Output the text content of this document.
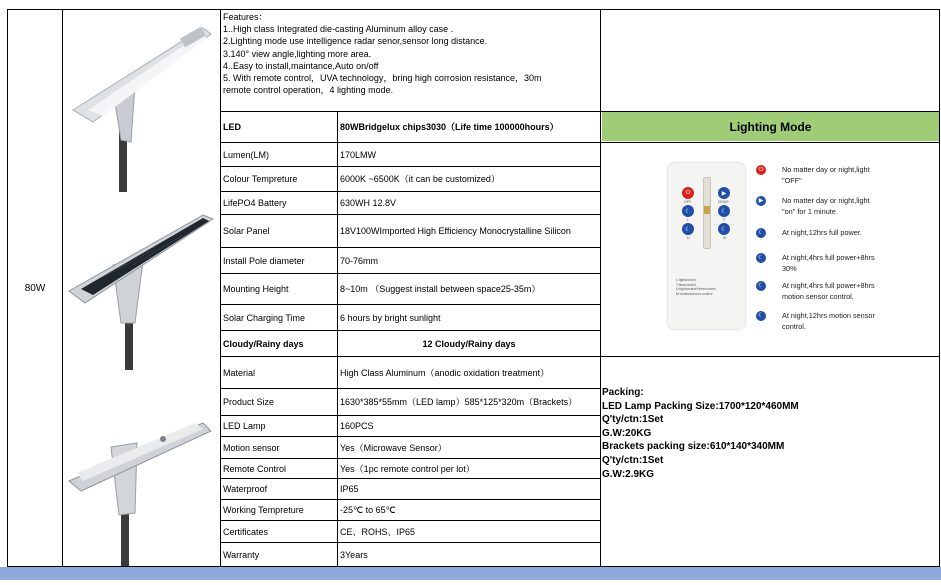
80W
Features：
1..High class Integrated die-casting Aluminum alloy case .
2.Lighting mode use intelligence radar senor,sensor long distance.
3.140° view angle,lighting more area.
4..Easy to install,maintance,Auto on/off
5. With remote control，UVA technology，bring high corrosion resistance，30m
remote control operation，4 lighting mode.
LED	80WBridgelux chips3030（Life time 100000hours）
Lumen(LM)	170LMW
Colour Tempreture	6000K ~6500K（it can be customized）
LifePO4 Battery	630WH 12.8V
Solar Panel	18V100WImported High Efficiency Monocrystalline Silicon
Install Pole diameter	70-76mm
Mounting Height	8~10m （Suggest install between space25-35m）
Solar Charging Time	6 hours by bright sunlight
Cloudy/Rainy days	12 Cloudy/Rainy days
Material	High Class Aluminum（anodic oxidation treatment）
Product Size	1630*385*55mm（LED lamp）585*125*320m（Brackets）
LED Lamp	160PCS
Motion sensor	Yes（Microwave Sensor）
Remote Control	Yes（1pc remote control per lot）
Waterproof	IP65
Working Tempreture	-25℃ to 65℃
Certificates	CE、ROHS、IP65
Warranty	3Years
Lighting Mode
⏻
OFF
▶
DEMO
☾
L
☾
T
☾
U
☾
M
L:lightcontrol
T:timecontrol
U:lightcontrol+timecontrol
M:motionsensor control
⏻	No matter day or night,light
"OFF"
▶	No matter day or night,light
"on" for 1 minute.
☾	At night,12hrs full power.
☾	At night,4hrs full power+8hrs
30%
☾	At night,4hrs full power+8hrs
motion sensor control.
☾	At night,12hrs motion sensor
control.
Packing:
LED Lamp Packing Size:1700*120*460MM
Q'ty/ctn:1Set
G.W:20KG
Brackets packing size:610*140*340MM
Q'ty/ctn:1Set
G.W:2.9KG
